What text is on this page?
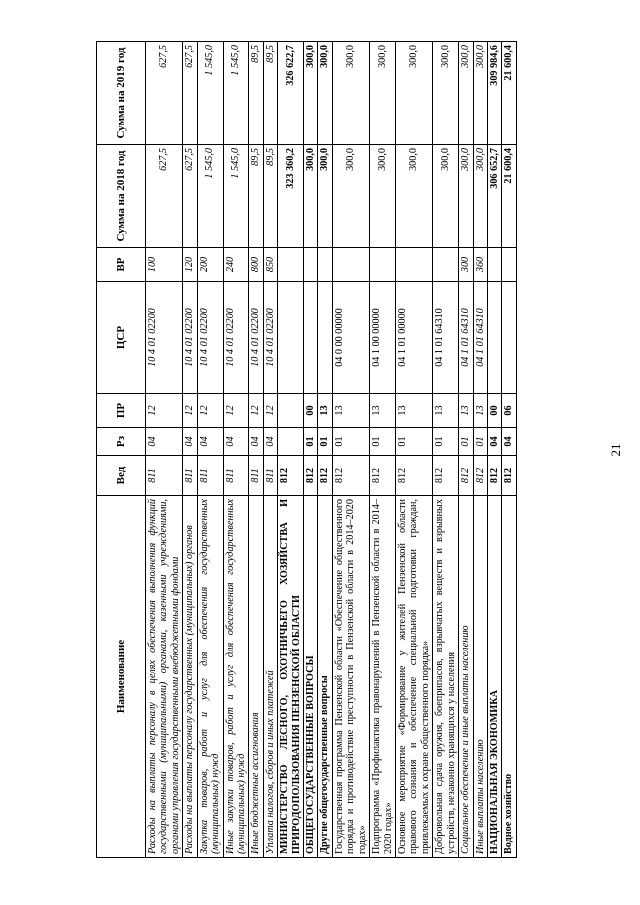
21
Наименование	Вед	Рз	ПР	ЦСР	ВР	Сумма на 2018 год	Сумма на 2019 год
Расходы на выплаты персоналу в целях обеспечения выполнения функций государственными (муниципальными) органами, казенными учреждениями, органами управления государственными внебюджетными фондами	811	04	12	10 4 01 02200	100	627,5	627,5
Расходы на выплаты персоналу государственных (муниципальных) органов	811	04	12	10 4 01 02200	120	627,5	627,5
Закупка товаров, работ и услуг для обеспечения государственных (муниципальных) нужд	811	04	12	10 4 01 02200	200	1 545,0	1 545,0
Иные закупки товаров, работ и услуг для обеспечения государственных (муниципальных) нужд	811	04	12	10 4 01 02200	240	1 545,0	1 545,0
Иные бюджетные ассигнования	811	04	12	10 4 01 02200	800	89,5	89,5
Уплата налогов, сборов и иных платежей	811	04	12	10 4 01 02200	850	89,5	89,5
МИНИСТЕРСТВО ЛЕСНОГО, ОХОТНИЧЬЕГО ХОЗЯЙСТВА И ПРИРОДОПОЛЬЗОВАНИЯ ПЕНЗЕНСКОЙ ОБЛАСТИ	812					323 360,2	326 622,7
ОБЩЕГОСУДАРСТВЕННЫЕ ВОПРОСЫ	812	01	00			300,0	300,0
Другие общегосударственные вопросы	812	01	13			300,0	300,0
Государственная программа Пензенской области «Обеспечение общественного порядка и противодействие преступности в Пензенской области в 2014–2020 годах»	812	01	13	04 0 00 00000		300,0	300,0
Подпрограмма «Профилактика правонарушений в Пензенской области в 2014–2020 годах»	812	01	13	04 1 00 00000		300,0	300,0
Основное мероприятие «Формирование у жителей Пензенской области правового сознания и обеспечение специальной подготовки граждан, привлекаемых к охране общественного порядка»	812	01	13	04 1 01 00000		300,0	300,0
Добровольная сдача оружия, боеприпасов, взрывчатых веществ и взрывных устройств, незаконно хранящихся у населения	812	01	13	04 1 01 64310		300,0	300,0
Социальное обеспечение и иные выплаты населению	812	01	13	04 1 01 64310	300	300,0	300,0
Иные выплаты населению	812	01	13	04 1 01 64310	360	300,0	300,0
НАЦИОНАЛЬНАЯ ЭКОНОМИКА	812	04	00			306 652,7	309 984,6
Водное хозяйство	812	04	06			21 600,4	21 600,4
